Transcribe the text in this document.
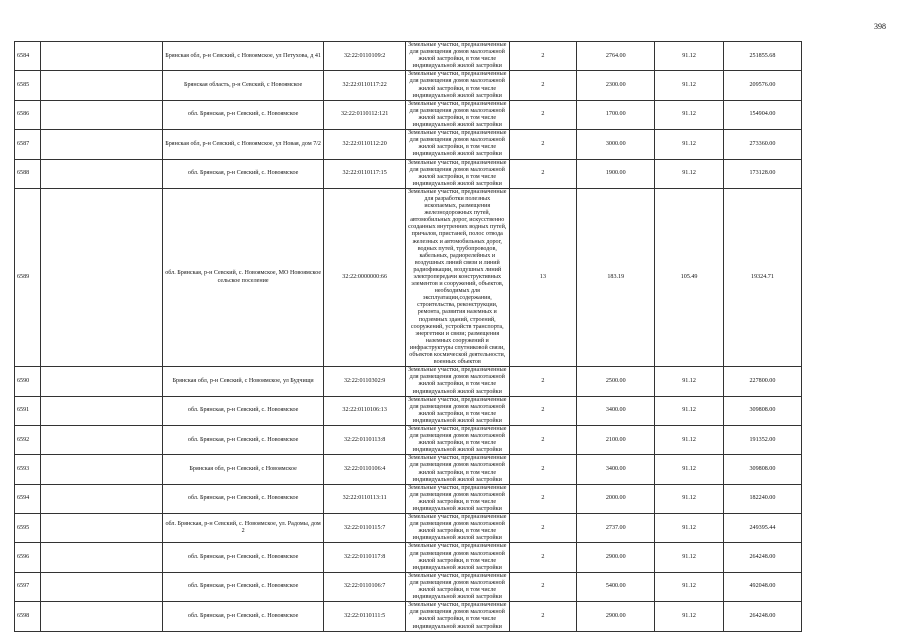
398
6584		Брянская обл, р-н Севский, с Новоямское, ул Петухова, д 41	32:22:0110109:2	Земельные участки, предназначенные для размещения домов малоэтажной жилой застройки, в том числе индивидуальной жилой застройки	2	2764.00	91.12	251855.68
6585		Брянская область, р-н Севский, с Новоямское	32:22:0110117:22	Земельные участки, предназначенные для размещения домов малоэтажной жилой застройки, в том числе индивидуальной жилой застройки	2	2300.00	91.12	209576.00
6586		обл. Брянская, р-н Севский, с. Новоямское	32:22:0110112:121	Земельные участки, предназначенные для размещения домов малоэтажной жилой застройки, в том числе индивидуальной жилой застройки	2	1700.00	91.12	154904.00
6587		Брянская обл, р-н Севский, с Новоямское, ул Новая, дом 7/2	32:22:0110112:20	Земельные участки, предназначенные для размещения домов малоэтажной жилой застройки, в том числе индивидуальной жилой застройки	2	3000.00	91.12	273360.00
6588		обл. Брянская, р-н Севский, с. Новоямское	32:22:0110117:15	Земельные участки, предназначенные для размещения домов малоэтажной жилой застройки, в том числе индивидуальной жилой застройки	2	1900.00	91.12	173128.00
6589		обл. Брянская, р-н Севский, с. Новоямское, МО Новоямское сельское поселение	32:22:0000000:66	Земельные участки, предназначенные для разработки полезных ископаемых, размещения железнодорожных путей, автомобильных дорог, искусственно созданных внутренних водных путей, причалов, пристаней, полос отвода железных и автомобильных дорог, водных путей, трубопроводов, кабельных, радиорелейных и воздушных линий связи и линий радиофикации, воздушных линий электропередачи конструктивных элементов и сооружений, объектов, необходимых для эксплуатации,содержания, строительства, реконструкции, ремонта, развития наземных и подземных зданий, строений, сооружений, устройств транспорта, энергетики и связи; размещения наземных сооружений и инфраструктуры спутниковой связи, объектов космической деятельности, военных объектов	13	183.19	105.49	19324.71
6590		Брянская обл, р-н Севский, с Новоямское, ул Будчищи	32:22:0110302:9	Земельные участки, предназначенные для размещения домов малоэтажной жилой застройки, в том числе индивидуальной жилой застройки	2	2500.00	91.12	227800.00
6591		обл. Брянская, р-н Севский, с. Новоямское	32:22:0110106:13	Земельные участки, предназначенные для размещения домов малоэтажной жилой застройки, в том числе индивидуальной жилой застройки	2	3400.00	91.12	309808.00
6592		обл. Брянская, р-н Севский, с. Новоямское	32:22:0110113:8	Земельные участки, предназначенные для размещения домов малоэтажной жилой застройки, в том числе индивидуальной жилой застройки	2	2100.00	91.12	191352.00
6593		Брянская обл, р-н Севский, с Новоямское	32:22:0110106:4	Земельные участки, предназначенные для размещения домов малоэтажной жилой застройки, в том числе индивидуальной жилой застройки	2	3400.00	91.12	309808.00
6594		обл. Брянская, р-н Севский, с. Новоямское	32:22:0110113:11	Земельные участки, предназначенные для размещения домов малоэтажной жилой застройки, в том числе индивидуальной жилой застройки	2	2000.00	91.12	182240.00
6595		обл. Брянская, р-н Севский, с. Новоямское, ул. Радомы, дом 2	32:22:0110115:7	Земельные участки, предназначенные для размещения домов малоэтажной жилой застройки, в том числе индивидуальной жилой застройки	2	2737.00	91.12	249395.44
6596		обл. Брянская, р-н Севский, с. Новоямское	32:22:0110117:8	Земельные участки, предназначенные для размещения домов малоэтажной жилой застройки, в том числе индивидуальной жилой застройки	2	2900.00	91.12	264248.00
6597		обл. Брянская, р-н Севский, с. Новоямское	32:22:0110106:7	Земельные участки, предназначенные для размещения домов малоэтажной жилой застройки, в том числе индивидуальной жилой застройки	2	5400.00	91.12	492048.00
6598		обл. Брянская, р-н Севский, с. Новоямское	32:22:0110111:5	Земельные участки, предназначенные для размещения домов малоэтажной жилой застройки, в том числе индивидуальной жилой застройки	2	2900.00	91.12	264248.00
